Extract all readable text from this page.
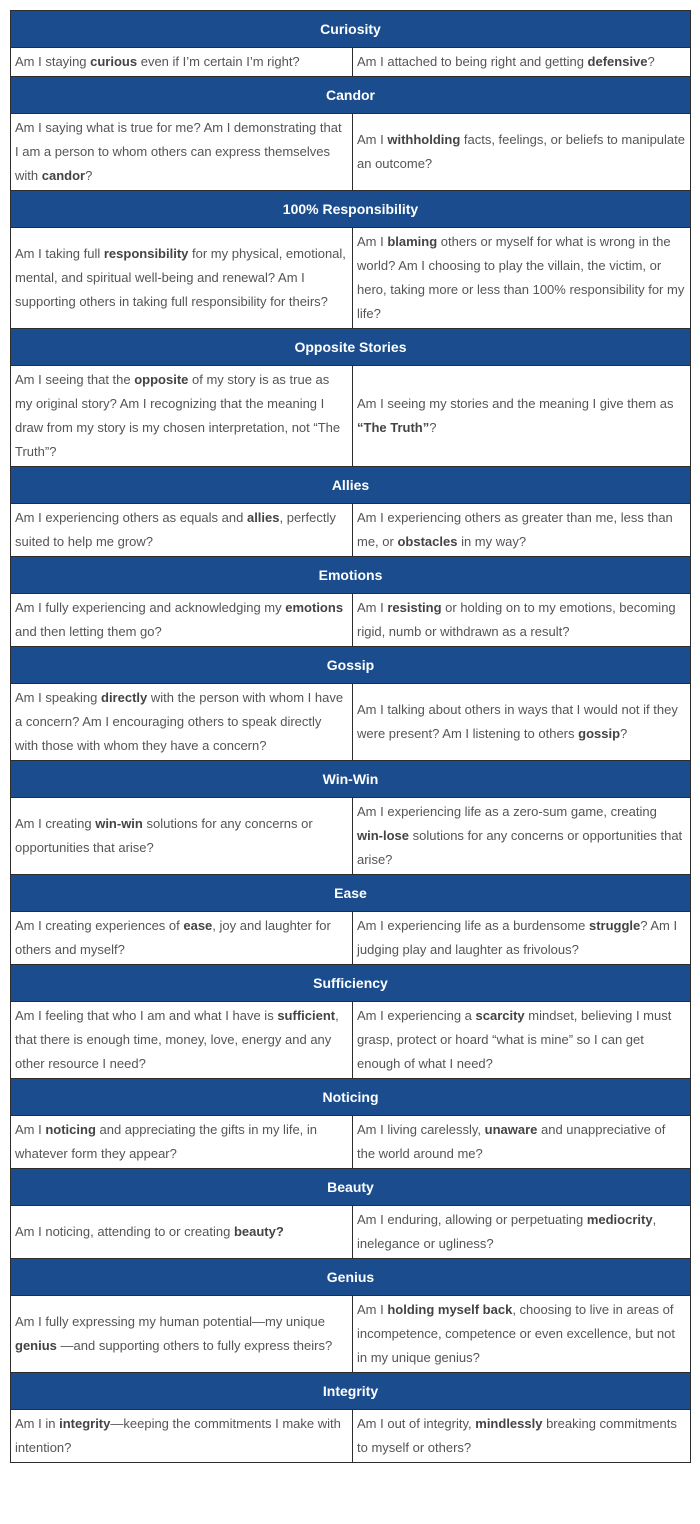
Curiosity	
Am I staying curious even if I’m certain I’m right?	Am I attached to being right and getting defensive?
Candor	
Am I saying what is true for me? Am I demonstrating that I am a person to whom others can express themselves with candor?	Am I withholding facts, feelings, or beliefs to manipulate an outcome?
100% Responsibility	
Am I taking full responsibility for my physical, emotional, mental, and spiritual well-being and renewal? Am I supporting others in taking full responsibility for theirs?	Am I blaming others or myself for what is wrong in the world? Am I choosing to play the villain, the victim, or hero, taking more or less than 100% responsibility for my life?
Opposite Stories	
Am I seeing that the opposite of my story is as true as my original story? Am I recognizing that the meaning I draw from my story is my chosen interpretation, not “The Truth”?	Am I seeing my stories and the meaning I give them as “The Truth”?
Allies	
Am I experiencing others as equals and allies, perfectly suited to help me grow?	Am I experiencing others as greater than me, less than me, or obstacles in my way?
Emotions	
Am I fully experiencing and acknowledging my emotions and then letting them go?	Am I resisting or holding on to my emotions, becoming rigid, numb or withdrawn as a result?
Gossip	
Am I speaking directly with the person with whom I have a concern? Am I encouraging others to speak directly with those with whom they have a concern?	Am I talking about others in ways that I would not if they were present? Am I listening to others gossip?
Win-Win	
Am I creating win-win solutions for any concerns or opportunities that arise?	Am I experiencing life as a zero-sum game, creating win-lose solutions for any concerns or opportunities that arise?
Ease	
Am I creating experiences of ease, joy and laughter for others and myself?	Am I experiencing life as a burdensome struggle? Am I judging play and laughter as frivolous?
Sufficiency	
Am I feeling that who I am and what I have is sufficient, that there is enough time, money, love, energy and any other resource I need?	Am I experiencing a scarcity mindset, believing I must grasp, protect or hoard “what is mine” so I can get enough of what I need?
Noticing	
Am I noticing and appreciating the gifts in my life, in whatever form they appear?	Am I living carelessly, unaware and unappreciative of the world around me?
Beauty	
Am I noticing, attending to or creating beauty?	Am I enduring, allowing or perpetuating mediocrity, inelegance or ugliness?
Genius	
Am I fully expressing my human potential—my unique genius —and supporting others to fully express theirs?	Am I holding myself back, choosing to live in areas of incompetence, competence or even excellence, but not in my unique genius?
Integrity	
Am I in integrity—keeping the commitments I make with intention?	Am I out of integrity, mindlessly breaking commitments to myself or others?
